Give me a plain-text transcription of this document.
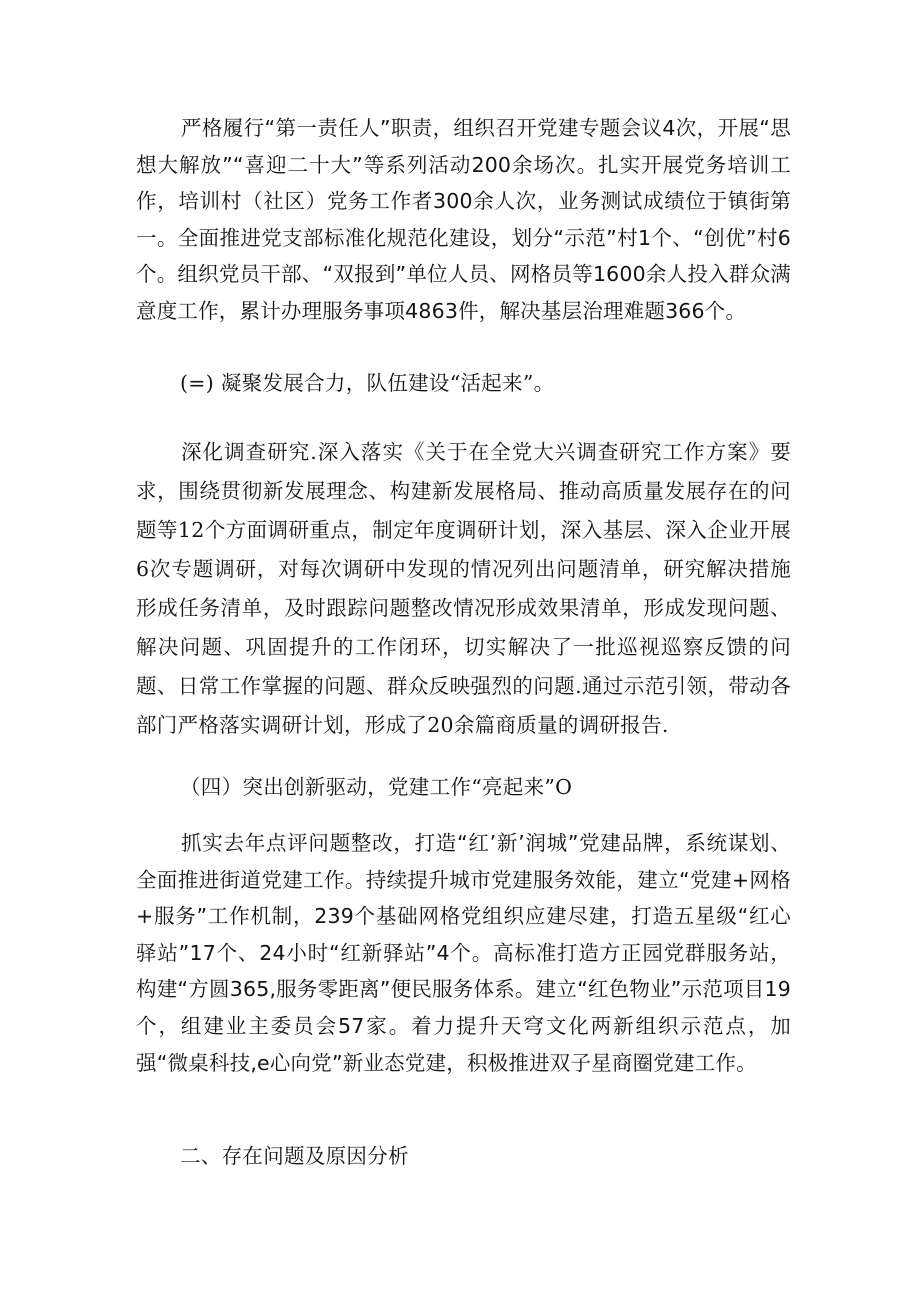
严格履行“第一责任人”职责，组织召开党建专题会议4次，开展“思想大解放”“喜迎二十大”等系列活动200余场次。扎实开展党务培训工作，培训村（社区）党务工作者300余人次，业务测试成绩位于镇街第一。全面推进党支部标准化规范化建设，划分“示范”村1个、“创优”村6个。组织党员干部、“双报到”单位人员、网格员等1600余人投入群众满意度工作，累计办理服务事项4863件，解决基层治理难题366个。

(=) 凝聚发展合力，队伍建设“活起来”。

深化调查研究.深入落实《关于在全党大兴调查研究工作方案》要求，围绕贯彻新发展理念、构建新发展格局、推动高质量发展存在的问题等12个方面调研重点，制定年度调研计划，深入基层、深入企业开展6次专题调研，对每次调研中发现的情况列出问题清单，研究解决措施形成任务清单，及时跟踪问题整改情况形成效果清单，形成发现问题、解决问题、巩固提升的工作闭环，切实解决了一批巡视巡察反馈的问题、日常工作掌握的问题、群众反映强烈的问题.通过示范引领，带动各部门严格落实调研计划，形成了20余篇商质量的调研报告.

（四）突出创新驱动，党建工作“亮起来”O

抓实去年点评问题整改，打造“红’新’润城”党建品牌，系统谋划、全面推进街道党建工作。持续提升城市党建服务效能，建立“党建+网格+服务”工作机制，239个基础网格党组织应建尽建，打造五星级“红心驿站”17个、24小时“红新驿站”4个。高标准打造方正园党群服务站，构建“方圆365,服务零距离”便民服务体系。建立“红色物业”示范项目19个，组建业主委员会57家。着力提升天穹文化两新组织示范点，加强“微桌科技,e心向党”新业态党建，积极推进双子星商圈党建工作。

二、存在问题及原因分析
